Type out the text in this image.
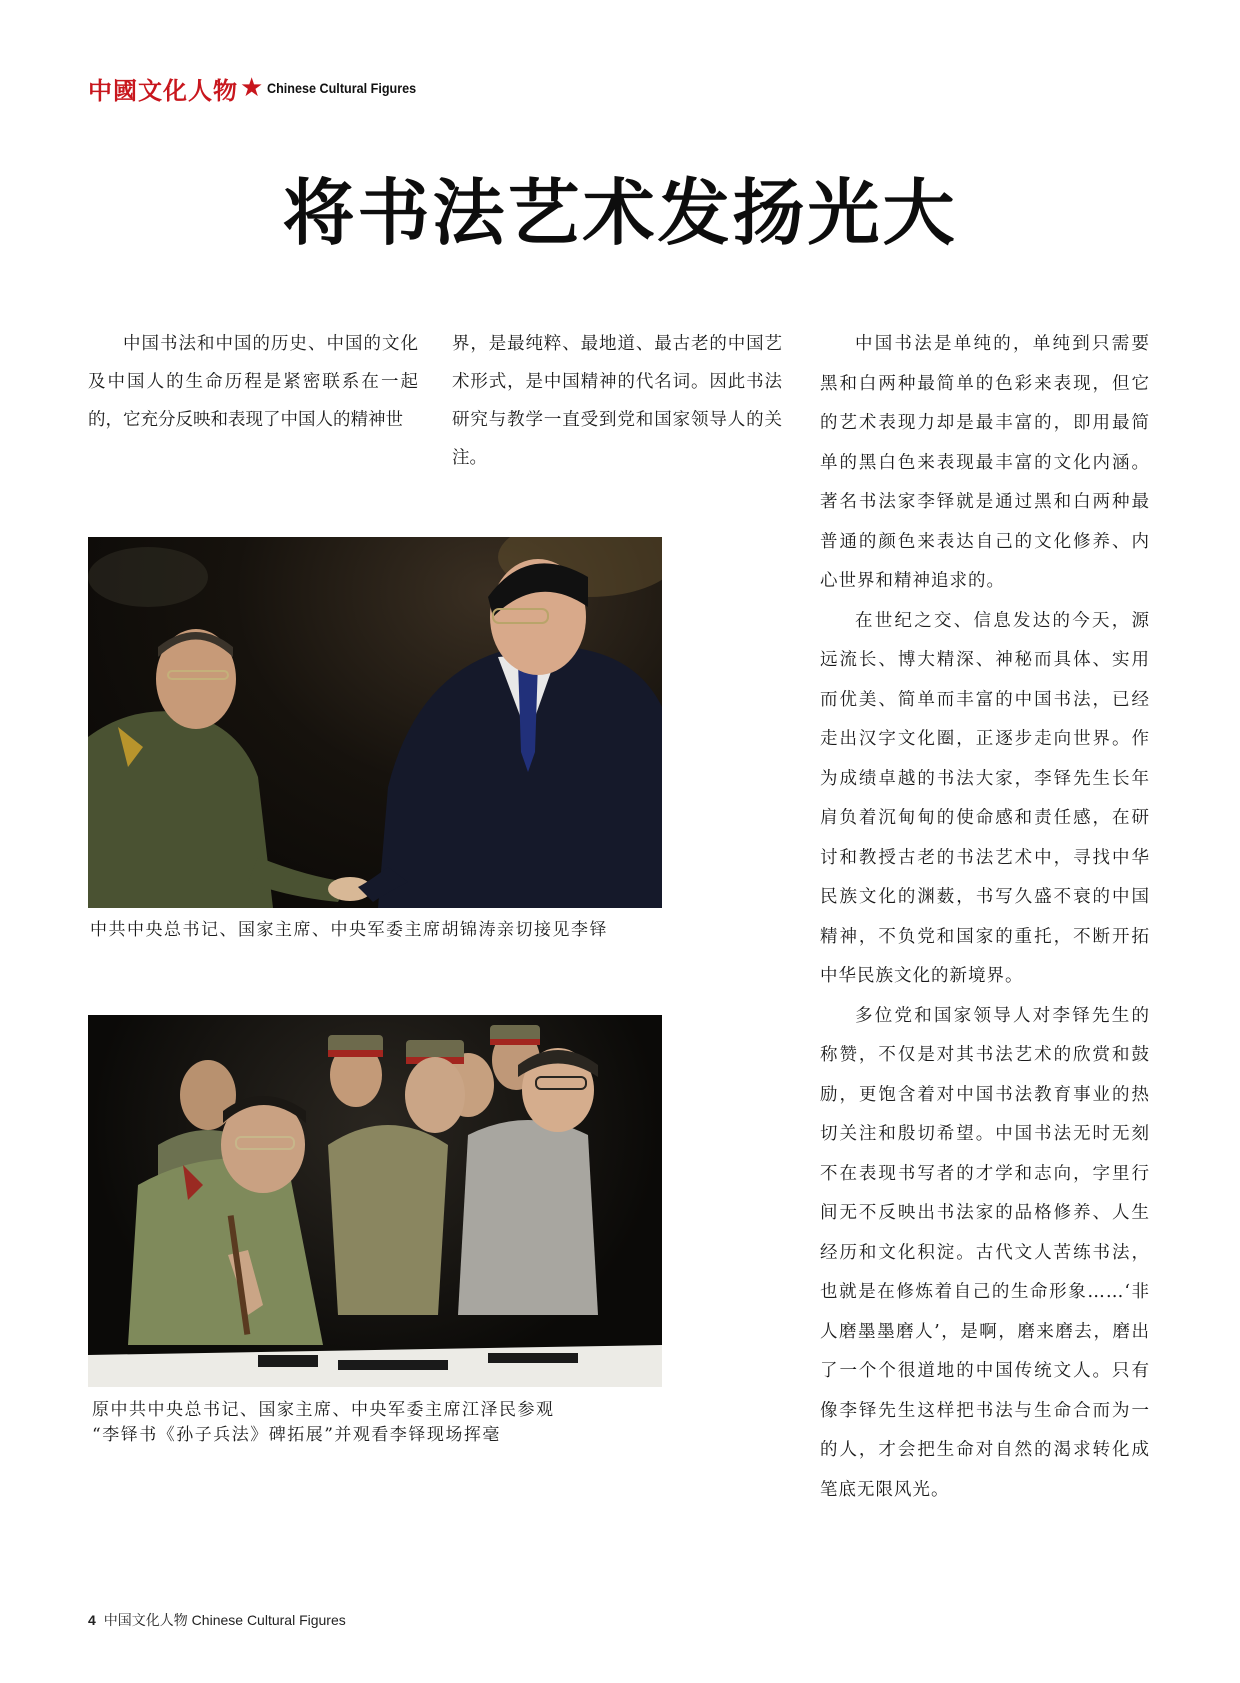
中國文化人物 ★ Chinese Cultural Figures
将书法艺术发扬光大

中国书法和中国的历史、中国的文化及中国人的生命历程是紧密联系在一起的，它充分反映和表现了中国人的精神世

界，是最纯粹、最地道、最古老的中国艺术形式，是中国精神的代名词。因此书法研究与教学一直受到党和国家领导人的关注。

中国书法是单纯的，单纯到只需要黑和白两种最简单的色彩来表现，但它的艺术表现力却是最丰富的，即用最简单的黑白色来表现最丰富的文化内涵。著名书法家李铎就是通过黑和白两种最普通的颜色来表达自己的文化修养、内心世界和精神追求的。

在世纪之交、信息发达的今天，源远流长、博大精深、神秘而具体、实用而优美、简单而丰富的中国书法，已经走出汉字文化圈，正逐步走向世界。作为成绩卓越的书法大家，李铎先生长年肩负着沉甸甸的使命感和责任感，在研讨和教授古老的书法艺术中，寻找中华民族文化的渊薮，书写久盛不衰的中国精神，不负党和国家的重托，不断开拓中华民族文化的新境界。

多位党和国家领导人对李铎先生的称赞，不仅是对其书法艺术的欣赏和鼓励，更饱含着对中国书法教育事业的热切关注和殷切希望。中国书法无时无刻不在表现书写者的才学和志向，字里行间无不反映出书法家的品格修养、人生经历和文化积淀。古代文人苦练书法，也就是在修炼着自己的生命形象……‘非人磨墨墨磨人’，是啊，磨来磨去，磨出了一个个很道地的中国传统文人。只有像李铎先生这样把书法与生命合而为一的人，才会把生命对自然的渴求转化成笔底无限风光。

中共中央总书记、国家主席、中央军委主席胡锦涛亲切接见李铎
原中共中央总书记、国家主席、中央军委主席江泽民参观
“李铎书《孙子兵法》碑拓展”并观看李铎现场挥毫
4 中国文化人物 Chinese Cultural Figures
